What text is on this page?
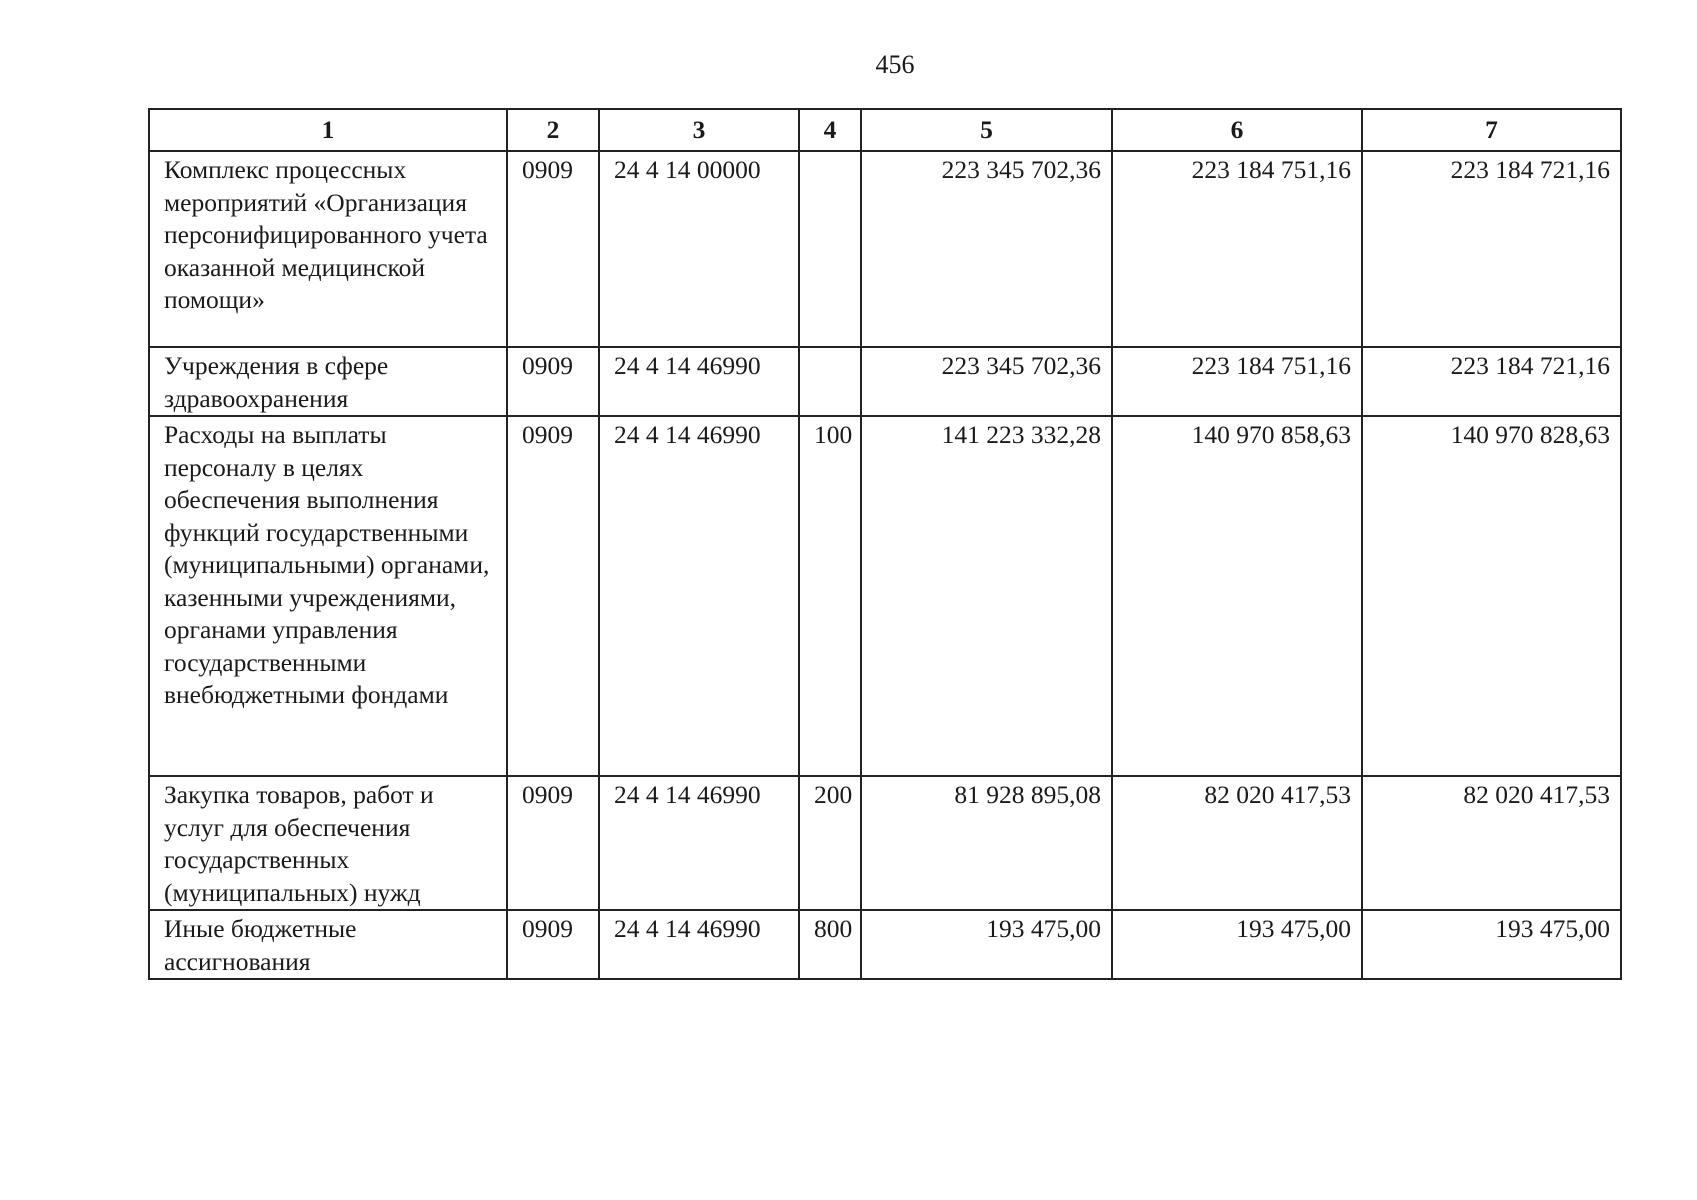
456
1	2	3	4	5	6	7
Комплекс процессных мероприятий «Организация персонифицированного учета оказанной медицинской помощи»	0909	24 4 14 00000		223 345 702,36	223 184 751,16	223 184 721,16
Учреждения в сфере здравоохранения	0909	24 4 14 46990		223 345 702,36	223 184 751,16	223 184 721,16
Расходы на выплаты персоналу в целях обеспечения выполнения функций государственными (муниципальными) органами, казенными учреждениями, органами управления государственными внебюджетными фондами	0909	24 4 14 46990	100	141 223 332,28	140 970 858,63	140 970 828,63
Закупка товаров, работ и услуг для обеспечения государственных (муниципальных) нужд	0909	24 4 14 46990	200	81 928 895,08	82 020 417,53	82 020 417,53
Иные бюджетные ассигнования	0909	24 4 14 46990	800	193 475,00	193 475,00	193 475,00
